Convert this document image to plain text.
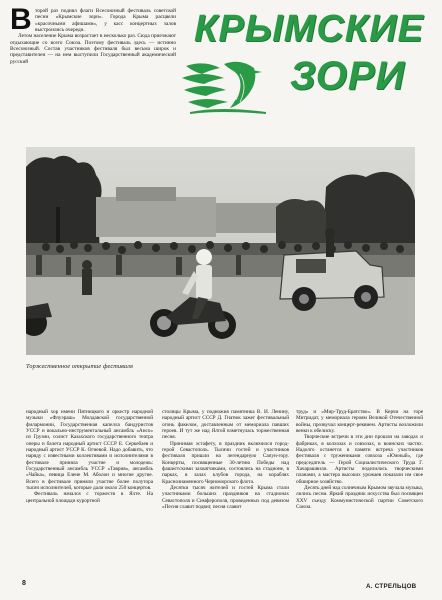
В торой раз поднял флаги Всесоюзный фестиваль советской песни «Крымские зори». Города Крыма расцвели «красочными афишами», у касс концертных залов выстроились очереди.

Летом население Крыма возрастает в несколько раз. Сюда приезжают отдыхающие со всего Союза. Поэтому фестиваль здесь — истинно Всесоюзный. Состав участников фестиваля был весьма широк и представителен — на нем выступили Государственный академический русский

КРЫМСКИЕ
ЗОРИ
Торжественное открытие фестиваля

народный хор имени Пятницкого и оркестр народной музыки «Флуэраш» Молдавской государственной филармонии, Государственная капелла бандуристов УССР и вокально-инструментальный ансамбль «Ансо» из Грузии, солист Казахского государственного театра оперы и балета народный артист СССР Е. Серкебаев и народный артист УССР К. Огневой. Надо добавить, что наряду с известными коллективами и исполнителями в фестивале приняла участие и молодежь: Государственный ансамбль УССР «Таврия», ансамбль «Чайка», певица Елене М. Аболон и многие другие. Всего в фестивале приняли участие более полутора тысяч исполнителей, которые дали около 250 концертов.

Фестиваль начался с торжеств в Ялте. На центральной площади курортной

столицы Крыма, у подножия памятника В. И. Ленину, народный артист СССР Д. Гнатюк зажег фестивальный огонь факелом, доставленным от мемориала павших героев. И тут же над Ялтой взметнулась торжественная песня.

Принимая эстафету, в праздник включился город-герой Севастополь. Тысячи гостей и участников фестиваля пришли на легендарную Сапун-гору. Концерты, посвященные 30-летию Победы над фашистскими захватчиками, состоялись на стадионе, в парках, в залах клубов города, на кораблях Краснознаменного Черноморского флота.

Десятки тысяч жителей и гостей Крыма стали участниками больших праздников на стадионах Севастополя и Симферополя, проведенных под девизом «Песня славит подвиг, песня славит

труд» и «Мир-Труд-Братство». В Керчи на горе Митридат, у мемориала героям Великой Отечественной войны, прозвучал концерт-реквием. Артисты возложили венки к обелиску.

Творческие встречи в эти дни прошли на заводах и фабриках, в колхозах и совхозах, в воинских частях. Надолго останется в памяти встреча участников фестиваля с тружениками совхоза «Южный», где председатель — Герой Социалистического Труда Г. Хачарашвили. Артисты поделились творческими планами, а мастера высоких урожаев показали им свое обширное хозяйство.

Десять дней над солнечным Крымом звучала музыка, лились песни. Яркий праздник искусства был посвящен XXV съезду Коммунистической партии Советского Союза.

8	А. СТРЕЛЬЦОВ
